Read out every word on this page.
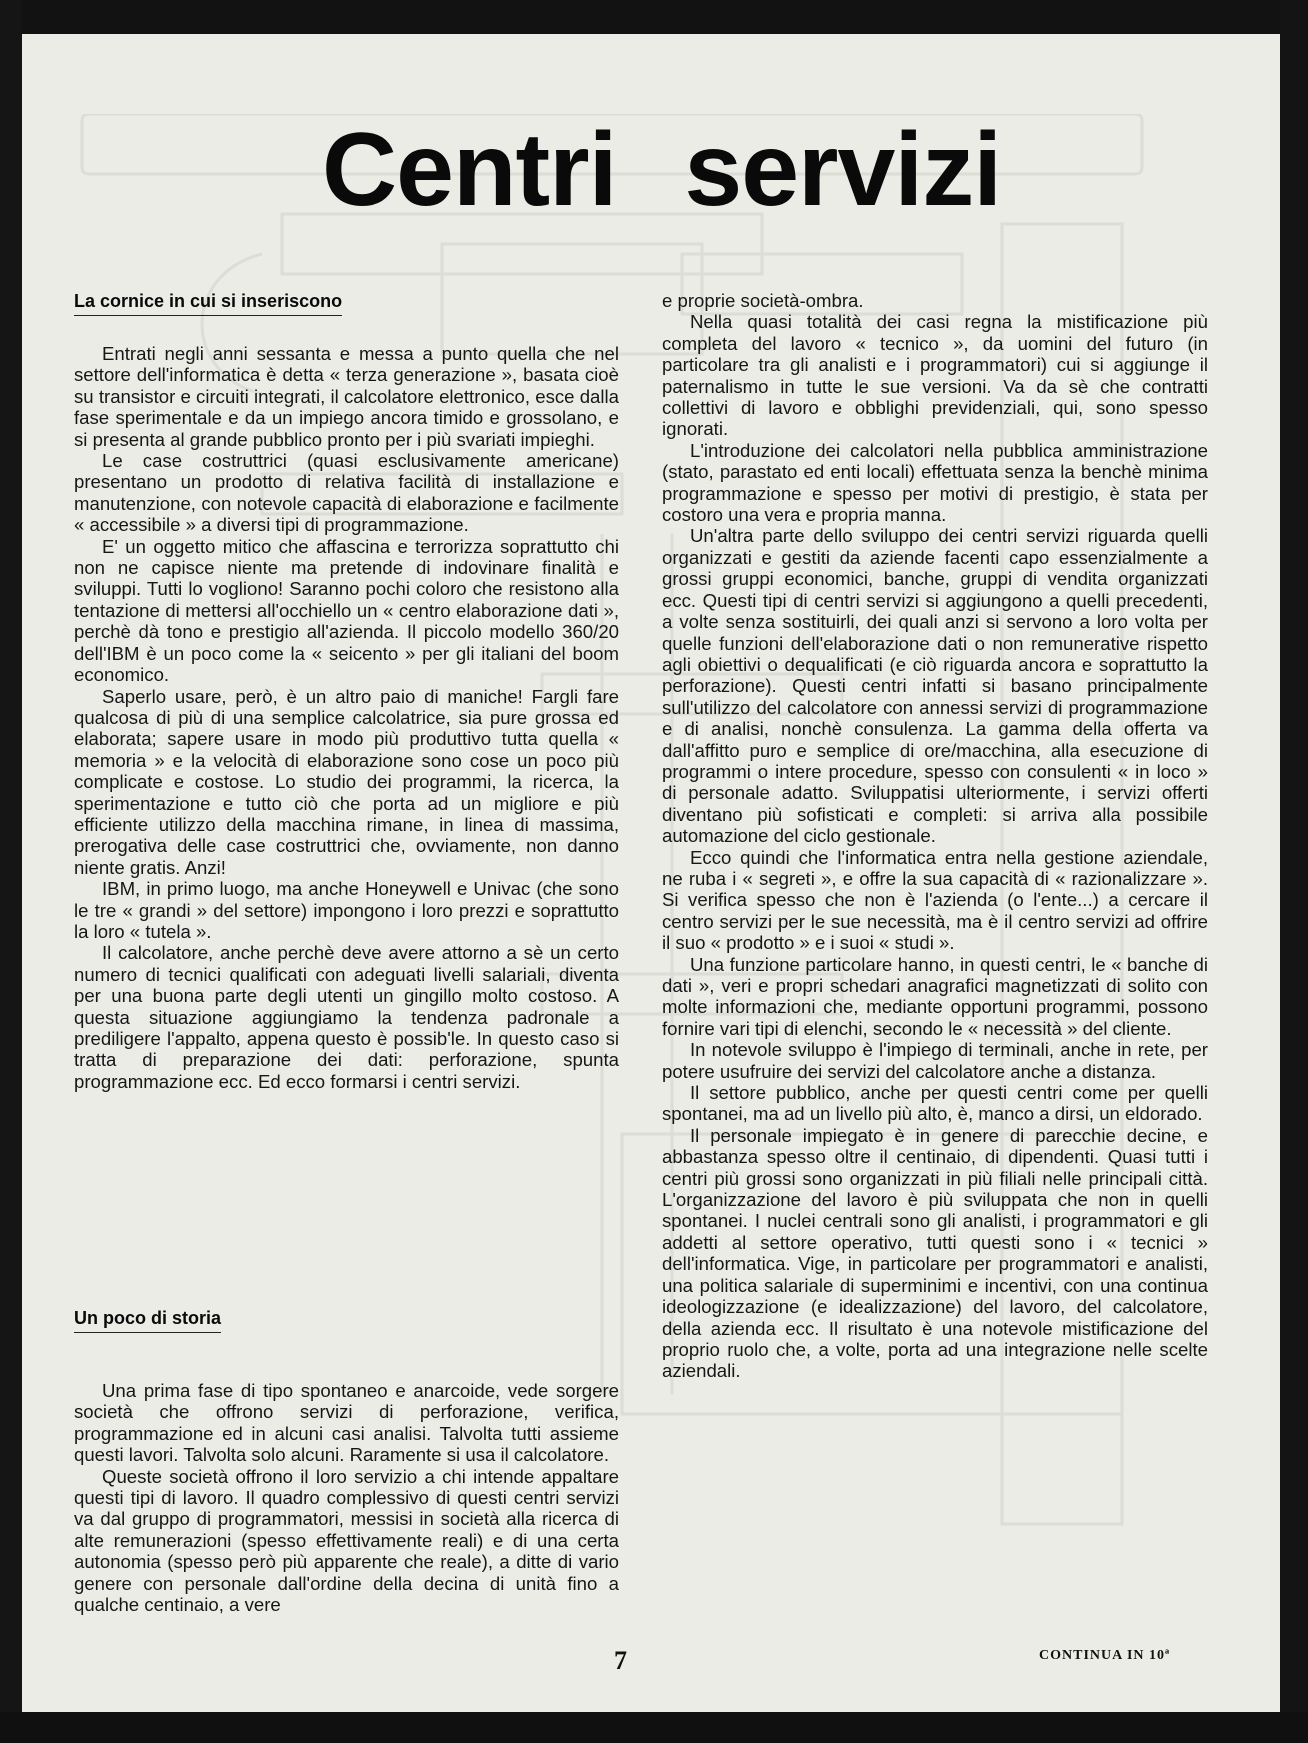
Centri servizi
La cornice in cui si inseriscono

Entrati negli anni sessanta e messa a punto quella che nel settore dell'informatica è detta « terza generazione », basata cioè su transistor e circuiti integrati, il calcolatore elettronico, esce dalla fase sperimentale e da un impiego ancora timido e grossolano, e si presenta al grande pubblico pronto per i più svariati impieghi.

Le case costruttrici (quasi esclusivamente americane) presentano un prodotto di relativa facilità di installazione e manutenzione, con notevole capacità di elaborazione e facilmente « accessibile » a diversi tipi di programmazione.

E' un oggetto mitico che affascina e terrorizza soprattutto chi non ne capisce niente ma pretende di indovinare finalità e sviluppi. Tutti lo vogliono! Saranno pochi coloro che resistono alla tentazione di mettersi all'occhiello un « centro elaborazione dati », perchè dà tono e prestigio all'azienda. Il piccolo modello 360/20 dell'IBM è un poco come la « seicento » per gli italiani del boom economico.

Saperlo usare, però, è un altro paio di maniche! Fargli fare qualcosa di più di una semplice calcolatrice, sia pure grossa ed elaborata; sapere usare in modo più produttivo tutta quella « memoria » e la velocità di elaborazione sono cose un poco più complicate e costose. Lo studio dei programmi, la ricerca, la sperimentazione e tutto ciò che porta ad un migliore e più efficiente utilizzo della macchina rimane, in linea di massima, prerogativa delle case costruttrici che, ovviamente, non danno niente gratis. Anzi!

IBM, in primo luogo, ma anche Honeywell e Univac (che sono le tre « grandi » del settore) impongono i loro prezzi e soprattutto la loro « tutela ».

Il calcolatore, anche perchè deve avere attorno a sè un certo numero di tecnici qualificati con adeguati livelli salariali, diventa per una buona parte degli utenti un gingillo molto costoso. A questa situazione aggiungiamo la tendenza padronale a prediligere l'appalto, appena questo è possib'le. In questo caso si tratta di preparazione dei dati: perforazione, spunta programmazione ecc. Ed ecco formarsi i centri servizi.

Un poco di storia

Una prima fase di tipo spontaneo e anarcoide, vede sorgere società che offrono servizi di perforazione, verifica, programmazione ed in alcuni casi analisi. Talvolta tutti assieme questi lavori. Talvolta solo alcuni. Raramente si usa il calcolatore.

Queste società offrono il loro servizio a chi intende appaltare questi tipi di lavoro. Il quadro complessivo di questi centri servizi va dal gruppo di programmatori, messisi in società alla ricerca di alte remunerazioni (spesso effettivamente reali) e di una certa autonomia (spesso però più apparente che reale), a ditte di vario genere con personale dall'ordine della decina di unità fino a qualche centinaio, a vere

e proprie società-ombra.

Nella quasi totalità dei casi regna la mistificazione più completa del lavoro « tecnico », da uomini del futuro (in particolare tra gli analisti e i programmatori) cui si aggiunge il paternalismo in tutte le sue versioni. Va da sè che contratti collettivi di lavoro e obblighi previdenziali, qui, sono spesso ignorati.

L'introduzione dei calcolatori nella pubblica amministrazione (stato, parastato ed enti locali) effettuata senza la benchè minima programmazione e spesso per motivi di prestigio, è stata per costoro una vera e propria manna.

Un'altra parte dello sviluppo dei centri servizi riguarda quelli organizzati e gestiti da aziende facenti capo essenzialmente a grossi gruppi economici, banche, gruppi di vendita organizzati ecc. Questi tipi di centri servizi si aggiungono a quelli precedenti, a volte senza sostituirli, dei quali anzi si servono a loro volta per quelle funzioni dell'elaborazione dati o non remunerative rispetto agli obiettivi o dequalificati (e ciò riguarda ancora e soprattutto la perforazione). Questi centri infatti si basano principalmente sull'utilizzo del calcolatore con annessi servizi di programmazione e di analisi, nonchè consulenza. La gamma della offerta va dall'affitto puro e semplice di ore/macchina, alla esecuzione di programmi o intere procedure, spesso con consulenti « in loco » di personale adatto. Sviluppatisi ulteriormente, i servizi offerti diventano più sofisticati e completi: si arriva alla possibile automazione del ciclo gestionale.

Ecco quindi che l'informatica entra nella gestione aziendale, ne ruba i « segreti », e offre la sua capacità di « razionalizzare ». Si verifica spesso che non è l'azienda (o l'ente...) a cercare il centro servizi per le sue necessità, ma è il centro servizi ad offrire il suo « prodotto » e i suoi « studi ».

Una funzione particolare hanno, in questi centri, le « banche di dati », veri e propri schedari anagrafici magnetizzati di solito con molte informazioni che, mediante opportuni programmi, possono fornire vari tipi di elenchi, secondo le « necessità » del cliente.

In notevole sviluppo è l'impiego di terminali, anche in rete, per potere usufruire dei servizi del calcolatore anche a distanza.

Il settore pubblico, anche per questi centri come per quelli spontanei, ma ad un livello più alto, è, manco a dirsi, un eldorado.

Il personale impiegato è in genere di parecchie decine, e abbastanza spesso oltre il centinaio, di dipendenti. Quasi tutti i centri più grossi sono organizzati in più filiali nelle principali città. L'organizzazione del lavoro è più sviluppata che non in quelli spontanei. I nuclei centrali sono gli analisti, i programmatori e gli addetti al settore operativo, tutti questi sono i « tecnici » dell'informatica. Vige, in particolare per programmatori e analisti, una politica salariale di superminimi e incentivi, con una continua ideologizzazione (e idealizzazione) del lavoro, del calcolatore, della azienda ecc. Il risultato è una notevole mistificazione del proprio ruolo che, a volte, porta ad una integrazione nelle scelte aziendali.

7	CONTINUA IN 10ª
